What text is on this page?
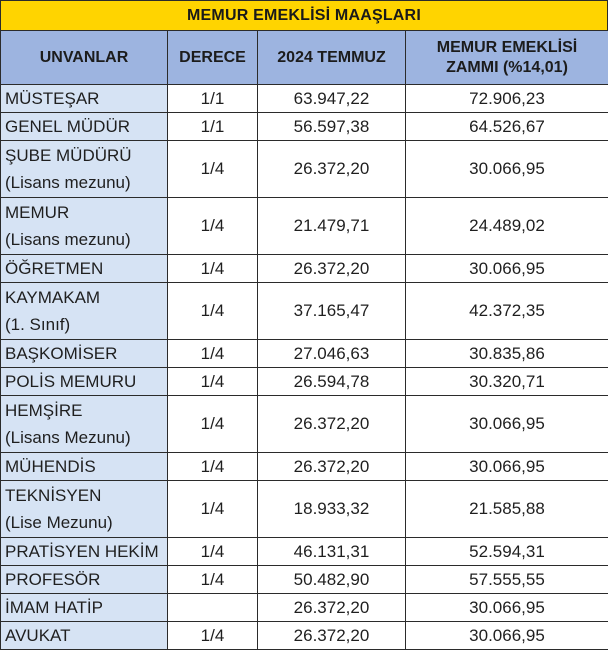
MEMUR EMEKLİSİ MAAŞLARI
UNVANLAR	DERECE	2024 TEMMUZ	MEMUR EMEKLİSİ
ZAMMI (%14,01)
MÜSTEŞAR	1/1	63.947,22	72.906,23
GENEL MÜDÜR	1/1	56.597,38	64.526,67

ŞUBE MÜDÜRÜ
(Lisans mezunu)	1/4	26.372,20	30.066,95

MEMUR
(Lisans mezunu)	1/4	21.479,71	24.489,02
ÖĞRETMEN	1/4	26.372,20	30.066,95

KAYMAKAM
(1. Sınıf)	1/4	37.165,47	42.372,35
BAŞKOMİSER	1/4	27.046,63	30.835,86
POLİS MEMURU	1/4	26.594,78	30.320,71

HEMŞİRE
(Lisans Mezunu)	1/4	26.372,20	30.066,95
MÜHENDİS	1/4	26.372,20	30.066,95

TEKNİSYEN
(Lise Mezunu)	1/4	18.933,32	21.585,88
PRATİSYEN HEKİM	1/4	46.131,31	52.594,31
PROFESÖR	1/4	50.482,90	57.555,55
İMAM HATİP		26.372,20	30.066,95
AVUKAT	1/4	26.372,20	30.066,95
